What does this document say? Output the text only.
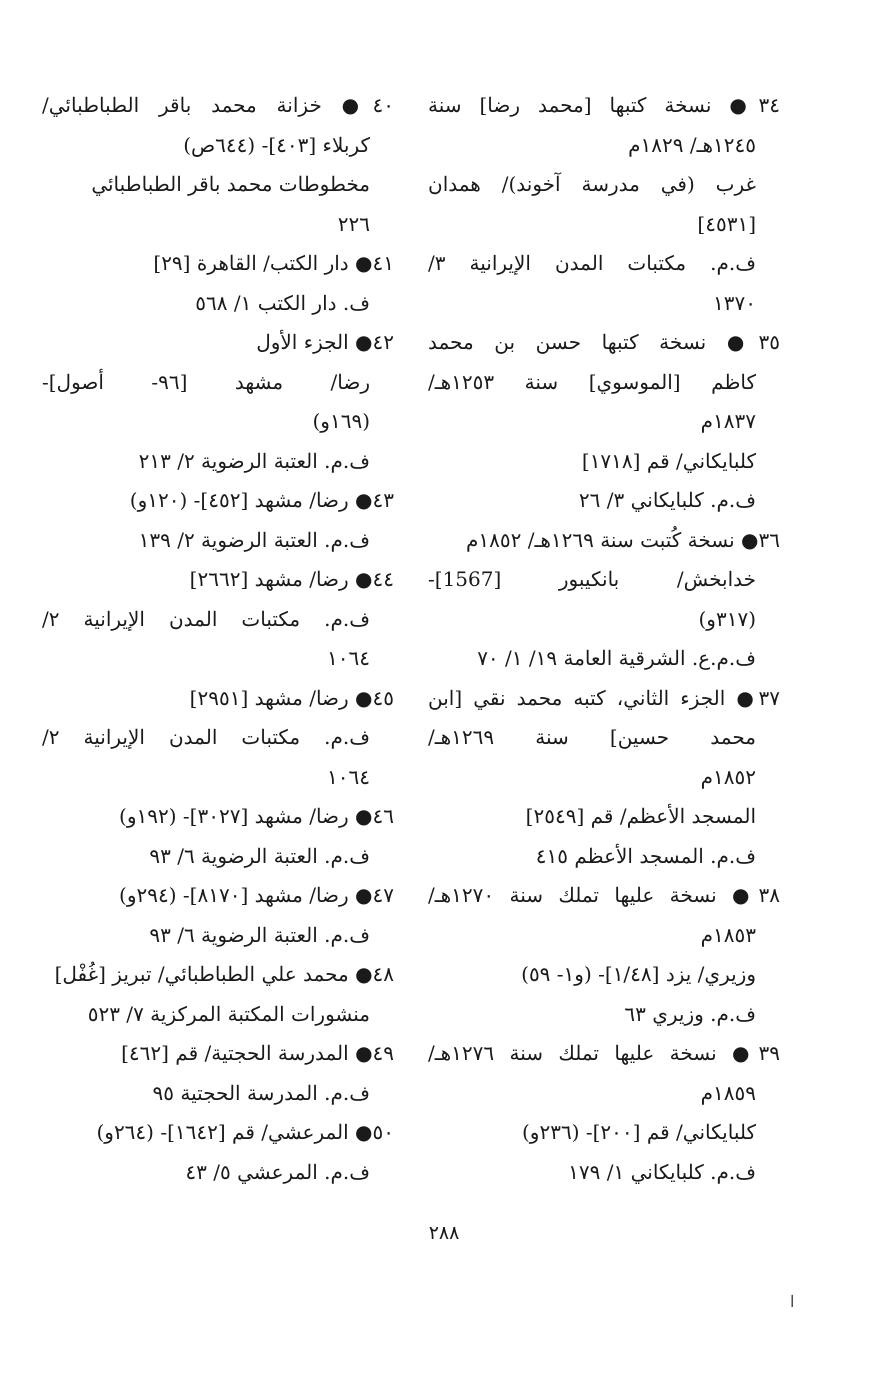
٣٤● نسخة كتبها [محمد رضا] سنة
١٢٤٥هـ/ ١٨٢٩م
غرب (في مدرسة آخوند)/ همدان
[٤٥٣١]
ف.م. مكتبات المدن الإيرانية ٣/
١٣٧٠
٣٥● نسخة كتبها حسن بن محمد
كاظم [الموسوي] سنة ١٢٥٣هـ/
١٨٣٧م
كلبايكاني/ قم [١٧١٨]
ف.م. كلبايكاني ٣/ ٢٦
٣٦● نسخة كُتبت سنة ١٢٦٩هـ/ ١٨٥٢م
خدابخش/ بانكيبور [1567]-
(٣١٧و)
ف.م.ع. الشرقية العامة ١٩/ ١/ ٧٠
٣٧● الجزء الثاني، كتبه محمد نقي [ابن
محمد حسين] سنة ١٢٦٩هـ/
١٨٥٢م
المسجد الأعظم/ قم [٢٥٤٩]
ف.م. المسجد الأعظم ٤١٥
٣٨● نسخة عليها تملك سنة ١٢٧٠هـ/
١٨٥٣م
وزيري/ يزد [١/٤٨]- (و١- ٥٩)
ف.م. وزيري ٦٣
٣٩● نسخة عليها تملك سنة ١٢٧٦هـ/
١٨٥٩م
كلبايكاني/ قم [٢٠٠]- (٢٣٦و)
ف.م. كلبايكاني ١/ ١٧٩
٤٠● خزانة محمد باقر الطباطبائي/
كربلاء [٤٠٣]- (٦٤٤ص)
مخطوطات محمد باقر الطباطبائي
٢٢٦
٤١● دار الكتب/ القاهرة [٢٩]
ف. دار الكتب ١/ ٥٦٨
٤٢● الجزء الأول
رضا/ مشهد [٩٦- أصول]-
(١٦٩و)
ف.م. العتبة الرضوية ٢/ ٢١٣
٤٣● رضا/ مشهد [٤٥٢]- (١٢٠و)
ف.م. العتبة الرضوية ٢/ ١٣٩
٤٤● رضا/ مشهد [٢٦٦٢]
ف.م. مكتبات المدن الإيرانية ٢/
١٠٦٤
٤٥● رضا/ مشهد [٢٩٥١]
ف.م. مكتبات المدن الإيرانية ٢/
١٠٦٤
٤٦● رضا/ مشهد [٣٠٢٧]- (١٩٢و)
ف.م. العتبة الرضوية ٦/ ٩٣
٤٧● رضا/ مشهد [٨١٧٠]- (٢٩٤و)
ف.م. العتبة الرضوية ٦/ ٩٣
٤٨● محمد علي الطباطبائي/ تبريز [غُفْل]
منشورات المكتبة المركزية ٧/ ٥٢٣
٤٩● المدرسة الحجتية/ قم [٤٦٢]
ف.م. المدرسة الحجتية ٩٥
٥٠● المرعشي/ قم [١٦٤٢]- (٢٦٤و)
ف.م. المرعشي ٥/ ٤٣
٢٨٨
ا
